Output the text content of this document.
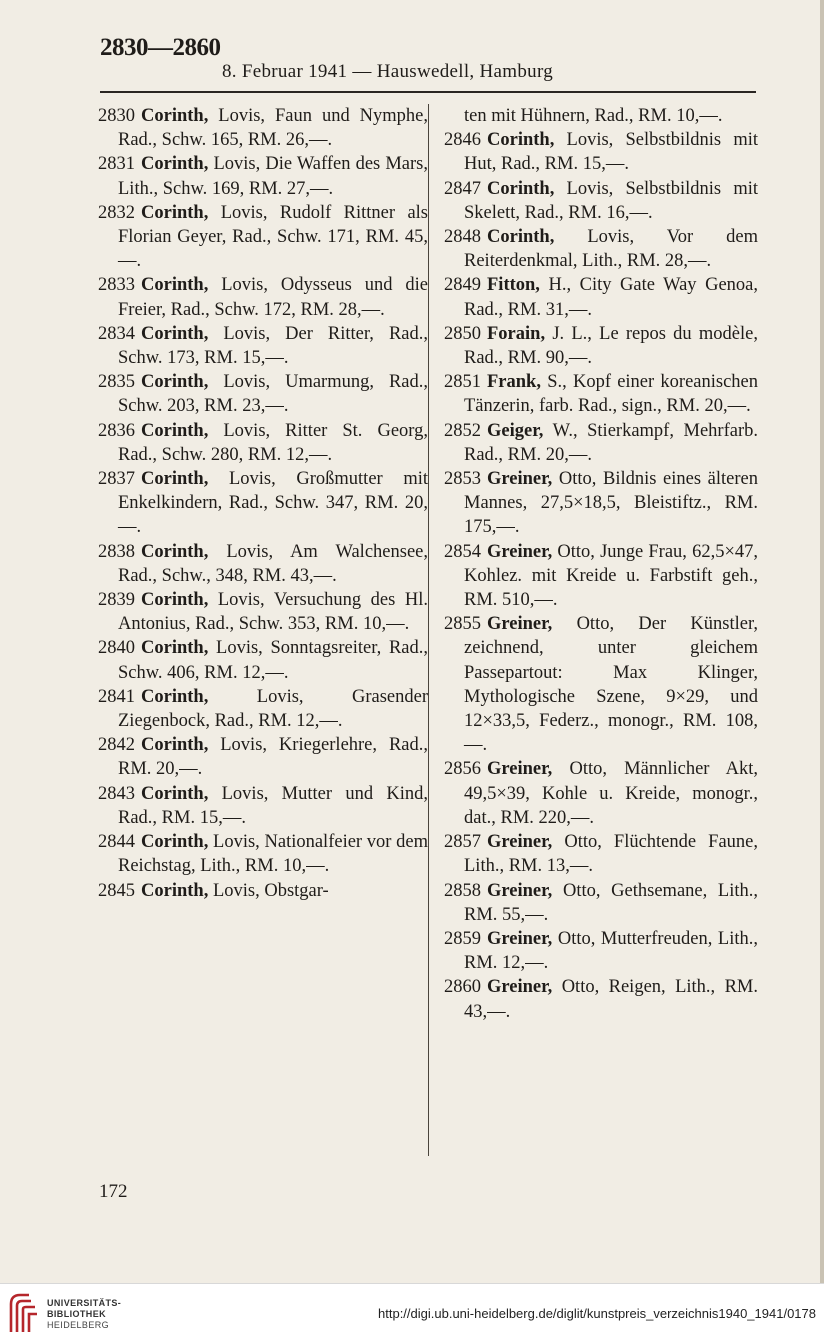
2830—2860
8. Februar 1941 — Hauswedell, Hamburg

2830 Corinth, Lovis, Faun und Nymphe, Rad., Schw. 165, RM. 26,—.

2831 Corinth, Lovis, Die Waffen des Mars, Lith., Schw. 169, RM. 27,—.

2832 Corinth, Lovis, Rudolf Rittner als Florian Geyer, Rad., Schw. 171, RM. 45,—.

2833 Corinth, Lovis, Odysseus und die Freier, Rad., Schw. 172, RM. 28,—.

2834 Corinth, Lovis, Der Ritter, Rad., Schw. 173, RM. 15,—.

2835 Corinth, Lovis, Umarmung, Rad., Schw. 203, RM. 23,—.

2836 Corinth, Lovis, Ritter St. Georg, Rad., Schw. 280, RM. 12,—.

2837 Corinth, Lovis, Großmutter mit Enkelkindern, Rad., Schw. 347, RM. 20,—.

2838 Corinth, Lovis, Am Walchensee, Rad., Schw., 348, RM. 43,—.

2839 Corinth, Lovis, Versuchung des Hl. Antonius, Rad., Schw. 353, RM. 10,—.

2840 Corinth, Lovis, Sonntagsreiter, Rad., Schw. 406, RM. 12,—.

2841 Corinth,	Lovis, Grasender Ziegenbock, Rad., RM. 12,—.

2842 Corinth, Lovis, Kriegerlehre, Rad., RM. 20,—.

2843 Corinth, Lovis, Mutter und Kind, Rad., RM. 15,—.

2844 Corinth, Lovis, Nationalfeier vor dem Reichstag, Lith., RM. 10,—.

2845 Corinth, Lovis, Obstgar-

ten mit Hühnern, Rad., RM. 10,—.

2846 Corinth, Lovis, Selbstbildnis mit Hut, Rad., RM. 15,—.

2847 Corinth, Lovis, Selbstbildnis mit Skelett, Rad., RM. 16,—.

2848 Corinth, Lovis, Vor dem Reiterdenkmal, Lith., RM. 28,—.

2849 Fitton, H., City Gate Way Genoa, Rad., RM. 31,—.

2850 Forain, J. L., Le repos du modèle, Rad., RM. 90,—.

2851 Frank, S., Kopf einer koreanischen Tänzerin, farb. Rad., sign., RM. 20,—.

2852 Geiger, W., Stierkampf, Mehrfarb. Rad., RM. 20,—.

2853 Greiner, Otto, Bildnis eines älteren Mannes, 27,5×18,5, Bleistiftz., RM. 175,—.

2854 Greiner, Otto, Junge Frau, 62,5×47, Kohlez. mit Kreide u. Farbstift geh., RM. 510,—.

2855 Greiner, Otto, Der Künstler, zeichnend, unter gleichem Passepartout: Max Klinger, Mythologische Szene, 9×29, und 12×33,5, Federz., monogr., RM. 108,—.

2856 Greiner, Otto, Männlicher Akt, 49,5×39, Kohle u. Kreide, monogr., dat., RM. 220,—.

2857 Greiner, Otto, Flüchtende Faune, Lith., RM. 13,—.

2858 Greiner, Otto, Gethsemane, Lith., RM. 55,—.

2859 Greiner, Otto, Mutterfreuden, Lith., RM. 12,—.

2860 Greiner, Otto, Reigen, Lith., RM. 43,—.

172
UNIVERSITÄTS-
BIBLIOTHEK
HEIDELBERG
http://digi.ub.uni-heidelberg.de/diglit/kunstpreis_verzeichnis1940_1941/0178
